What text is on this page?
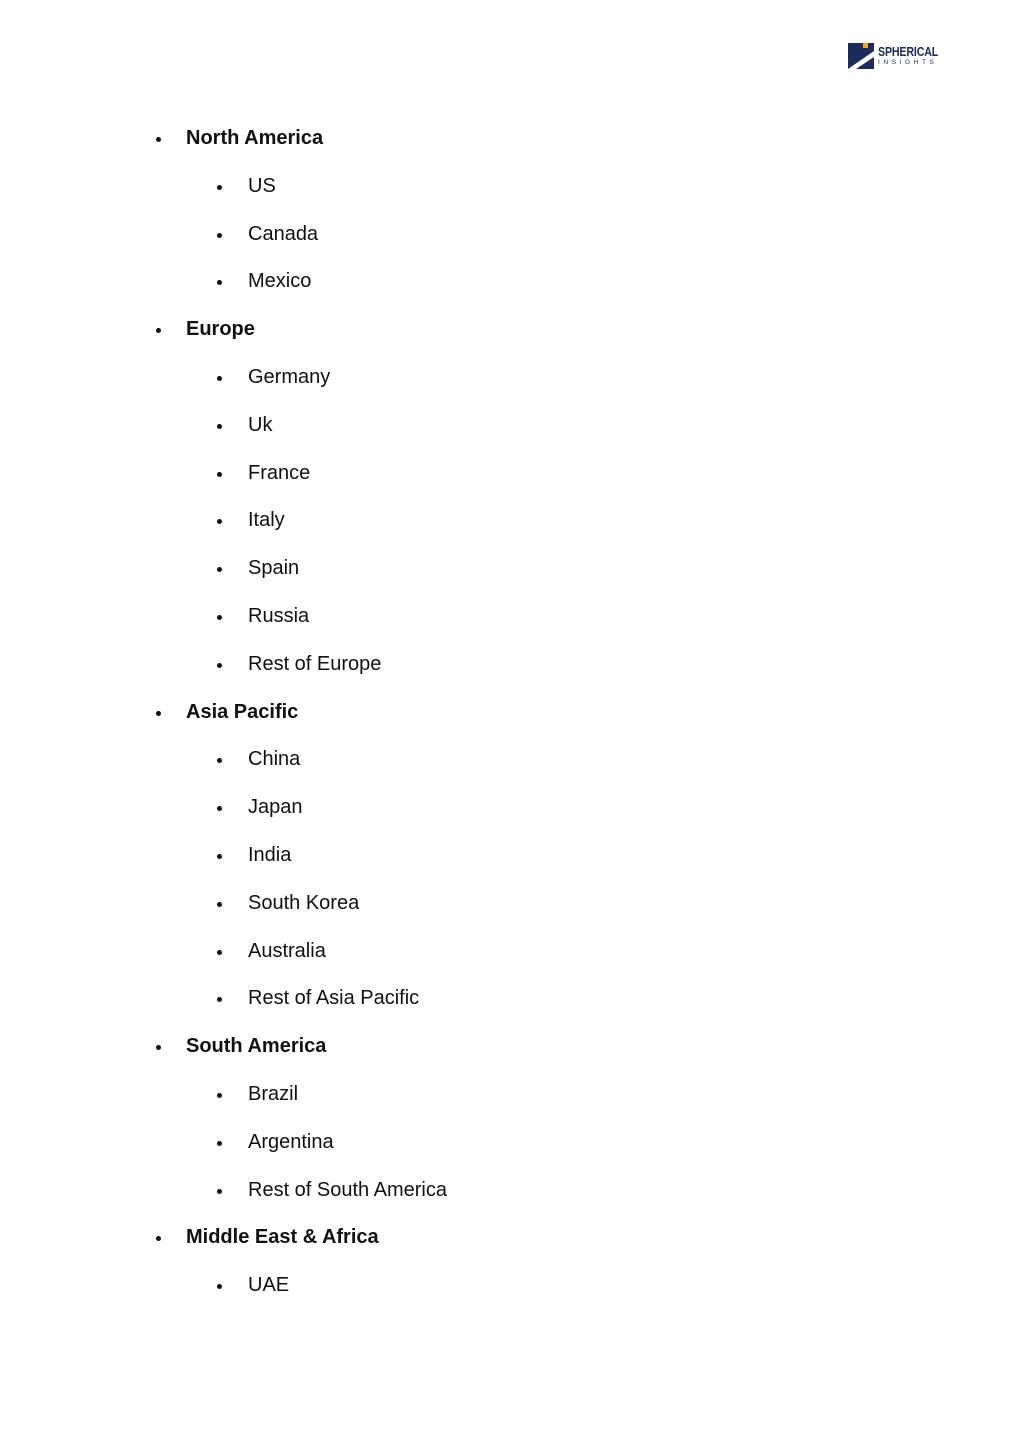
SPHERICAL
INSIGHTS
North America
US
Canada
Mexico
Europe
Germany
Uk
France
Italy
Spain
Russia
Rest of Europe
Asia Pacific
China
Japan
India
South Korea
Australia
Rest of Asia Pacific
South America
Brazil
Argentina
Rest of South America
Middle East & Africa
UAE
